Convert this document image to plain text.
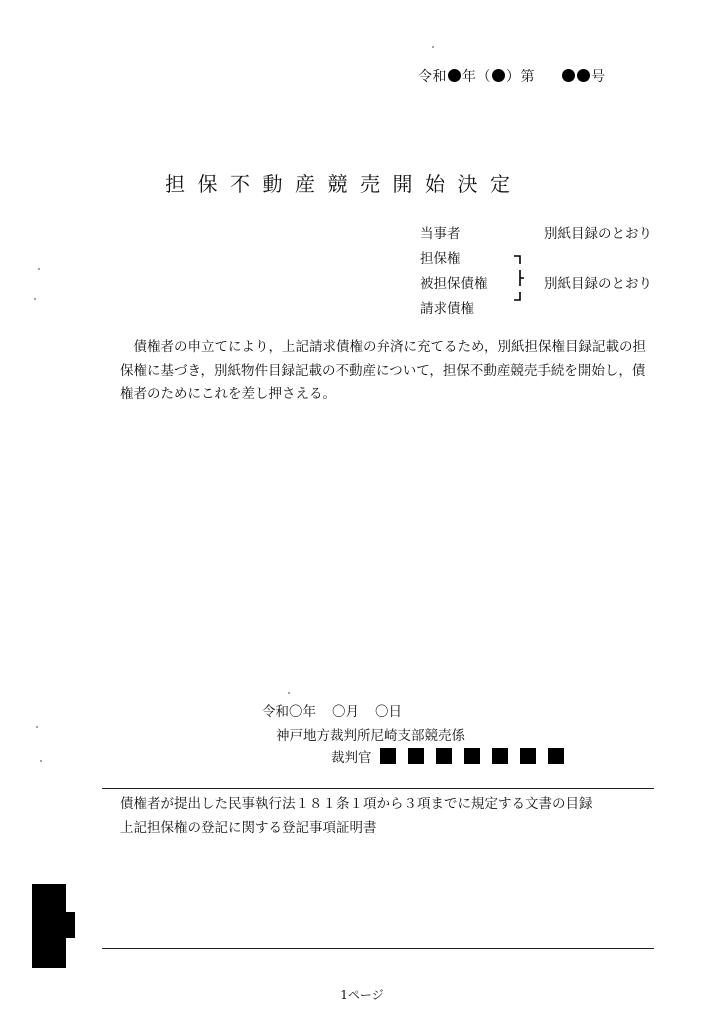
令和 年（ ）第	号
担保不動産競売開始決定
当事者	別紙目録のとおり
担保権
被担保債権	別紙目録のとおり
請求債権

　債権者の申立てにより，上記請求債権の弁済に充てるため，別紙担保権目録記載の担

保権に基づき，別紙物件目録記載の不動産について，担保不動産競売手続を開始し，債

権者のためにこれを差し押さえる。

令和〇年 〇月 〇日
神戸地方裁判所尼崎支部競売係
裁判官
債権者が提出した民事執行法１８１条１項から３項までに規定する文書の目録
上記担保権の登記に関する登記事項証明書
1ページ
